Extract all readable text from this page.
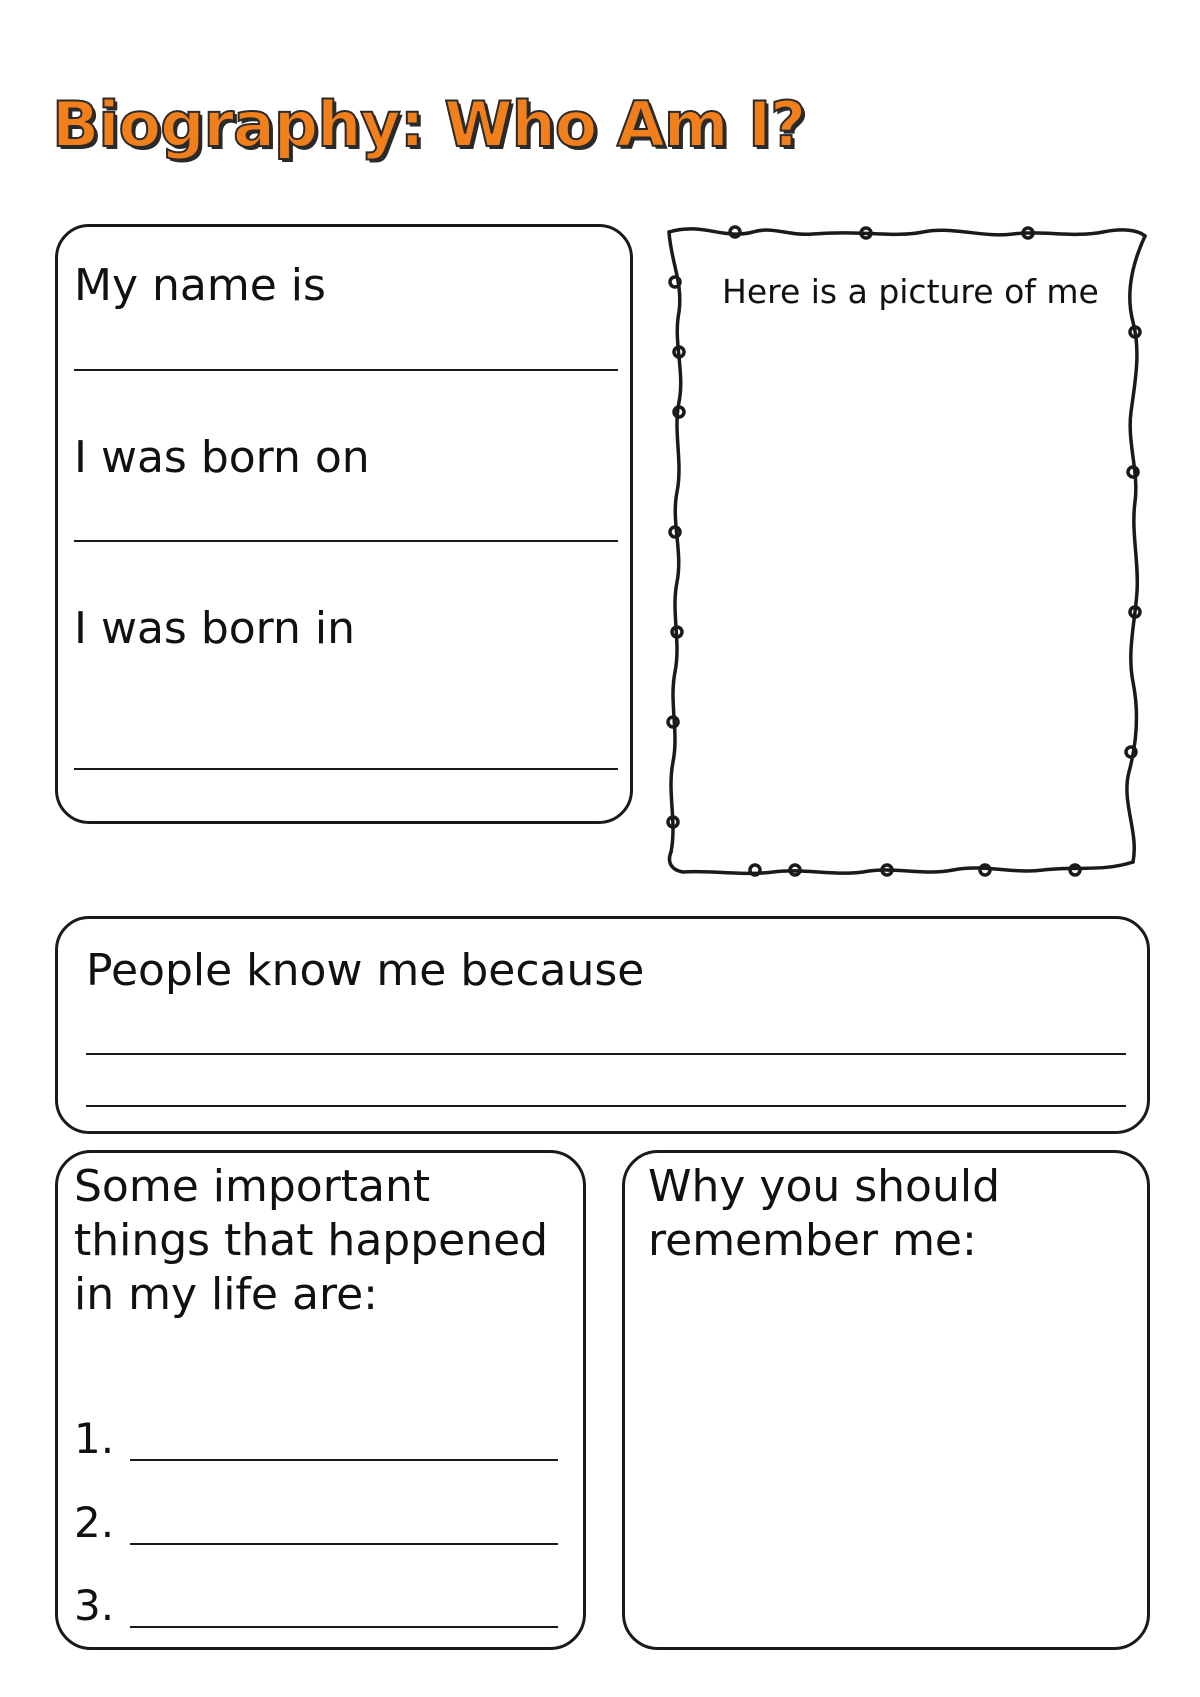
Biography: Who Am I?
My name is
I was born on
I was born in
Here is a picture of me
People know me because
Some important things that happened in my life are:
1.
2.
3.
Why you should remember me:
